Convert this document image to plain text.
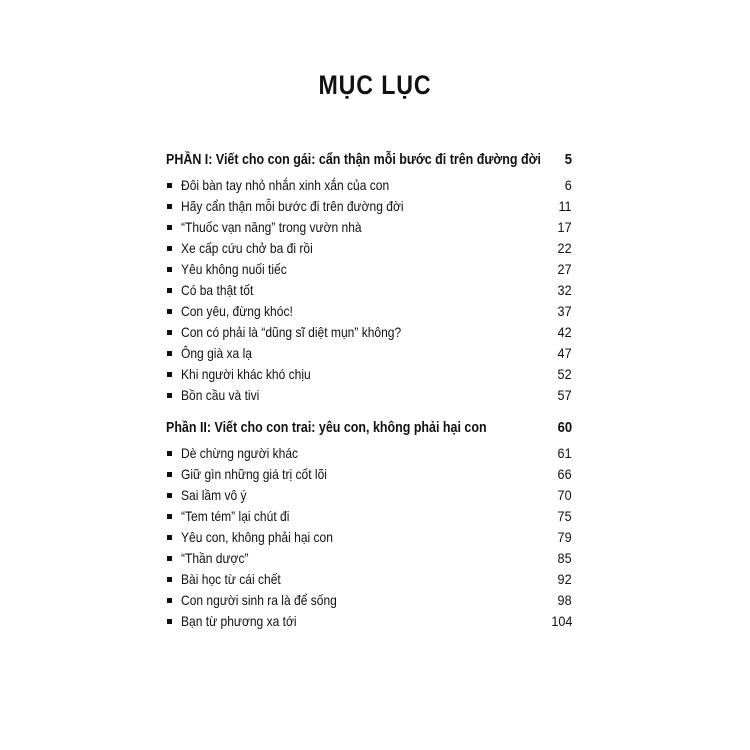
MỤC LỤC
PHẦN I: Viết cho con gái: cẩn thận mỗi bước đi trên đường đời 5
Đôi bàn tay nhỏ nhắn xinh xắn của con	6
Hãy cẩn thận mỗi bước đi trên đường đời	11
“Thuốc vạn năng” trong vườn nhà	17
Xe cấp cứu chở ba đi rồi	22
Yêu không nuối tiếc	27
Có ba thật tốt	32
Con yêu, đừng khóc!	37
Con có phải là “dũng sĩ diệt mụn” không?	42
Ông già xa lạ	47
Khi người khác khó chịu	52
Bồn cầu và tivi	57
Phần II: Viết cho con trai: yêu con, không phải hại con	60
Dè chừng người khác	61
Giữ gìn những giá trị cốt lõi	66
Sai lầm vô ý	70
“Tem tém” lại chút đi	75
Yêu con, không phải hại con	79
“Thần dược”	85
Bài học từ cái chết	92
Con người sinh ra là để sống	98
Bạn từ phương xa tới	104
